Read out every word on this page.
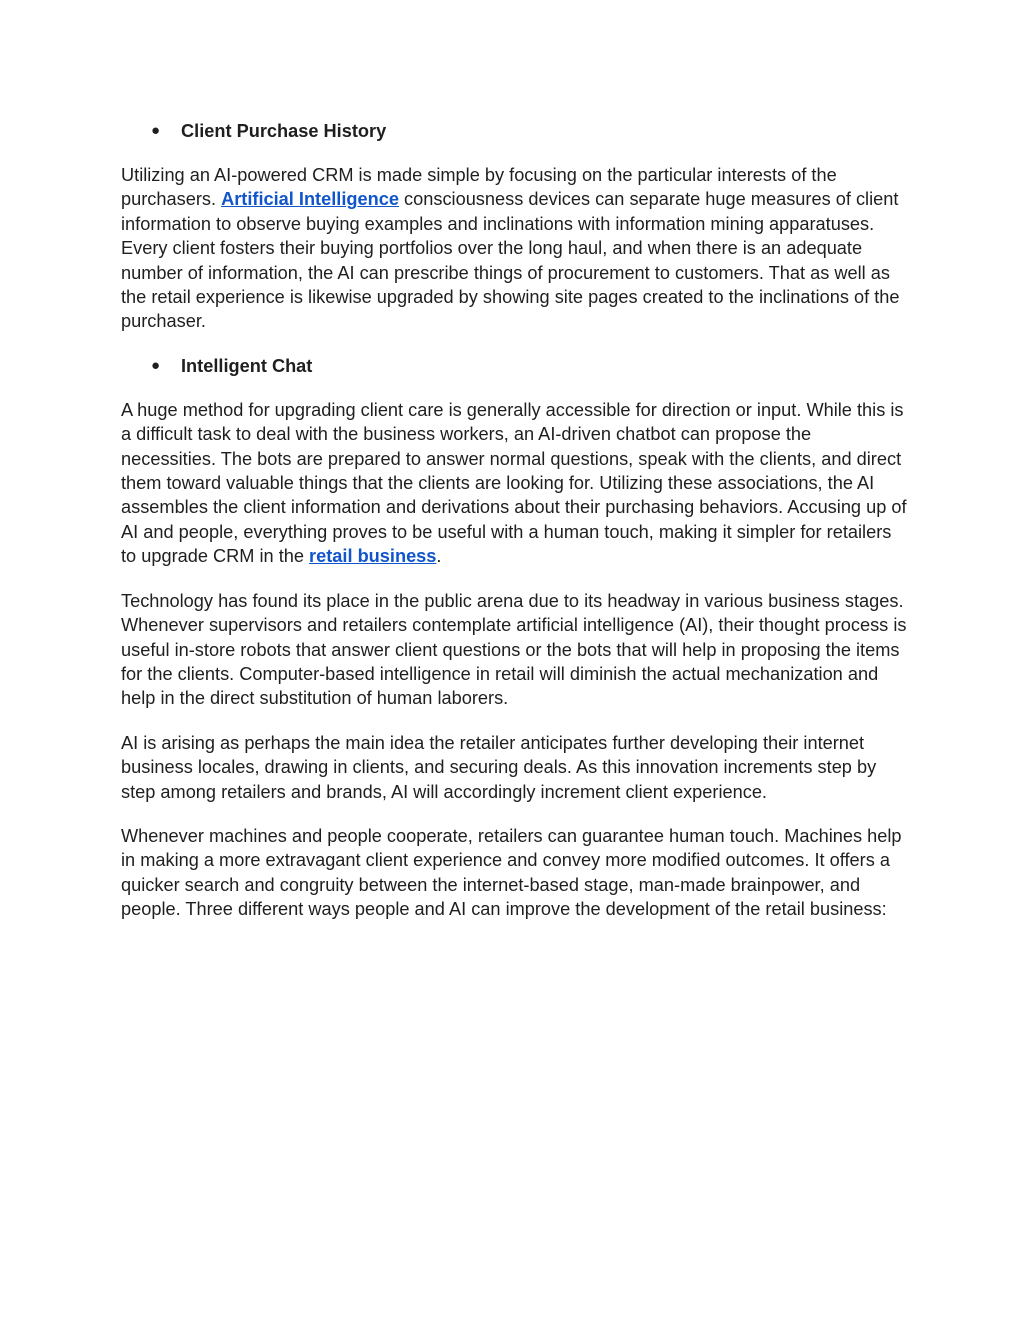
● Client Purchase History

Utilizing an AI-powered CRM is made simple by focusing on the particular interests of the purchasers. Artificial Intelligence consciousness devices can separate huge measures of client information to observe buying examples and inclinations with information mining apparatuses. Every client fosters their buying portfolios over the long haul, and when there is an adequate number of information, the AI can prescribe things of procurement to customers. That as well as the retail experience is likewise upgraded by showing site pages created to the inclinations of the purchaser.

● Intelligent Chat

A huge method for upgrading client care is generally accessible for direction or input. While this is a difficult task to deal with the business workers, an AI-driven chatbot can propose the necessities. The bots are prepared to answer normal questions, speak with the clients, and direct them toward valuable things that the clients are looking for. Utilizing these associations, the AI assembles the client information and derivations about their purchasing behaviors. Accusing up of AI and people, everything proves to be useful with a human touch, making it simpler for retailers to upgrade CRM in the retail business.

Technology has found its place in the public arena due to its headway in various business stages. Whenever supervisors and retailers contemplate artificial intelligence (AI), their thought process is useful in-store robots that answer client questions or the bots that will help in proposing the items for the clients. Computer-based intelligence in retail will diminish the actual mechanization and help in the direct substitution of human laborers.

AI is arising as perhaps the main idea the retailer anticipates further developing their internet business locales, drawing in clients, and securing deals. As this innovation increments step by step among retailers and brands, AI will accordingly increment client experience.

Whenever machines and people cooperate, retailers can guarantee human touch. Machines help in making a more extravagant client experience and convey more modified outcomes. It offers a quicker search and congruity between the internet-based stage, man-made brainpower, and people. Three different ways people and AI can improve the development of the retail business:
